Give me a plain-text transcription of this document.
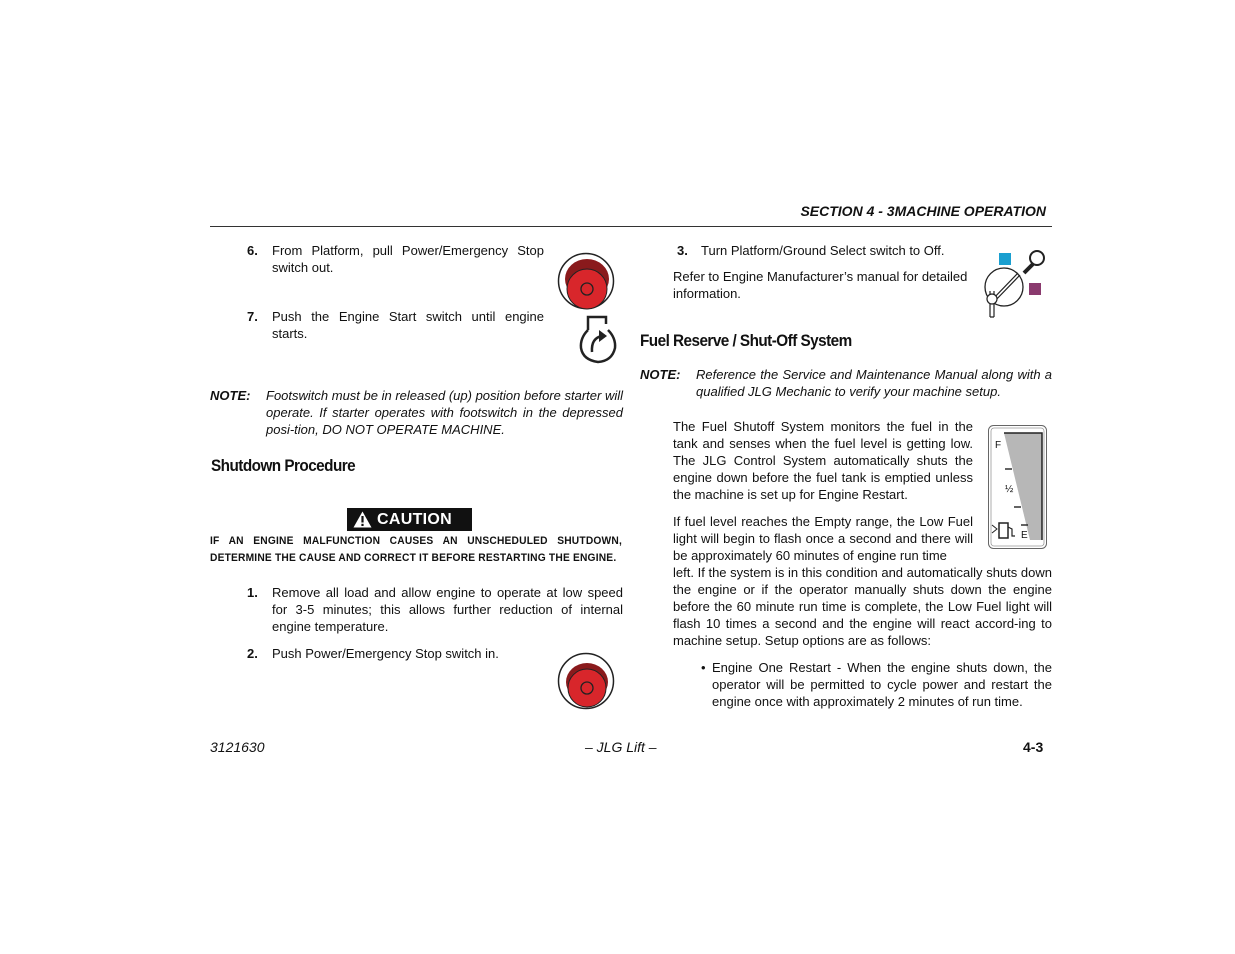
SECTION 4 - 3MACHINE OPERATION
6. From Platform, pull Power/Emergency Stop switch out.
7. Push the Engine Start switch until engine starts.
NOTE: Footswitch must be in released (up) position before starter will operate. If starter operates with footswitch in the depressed posi-tion, DO NOT OPERATE MACHINE.
Shutdown Procedure
CAUTION
IF AN ENGINE MALFUNCTION CAUSES AN UNSCHEDULED SHUTDOWN, DETERMINE THE CAUSE AND CORRECT IT BEFORE RESTARTING THE ENGINE.
1. Remove all load and allow engine to operate at low speed for 3-5 minutes; this allows further reduction of internal engine temperature.
2. Push Power/Emergency Stop switch in.
3. Turn Platform/Ground Select switch to Off.
Refer to Engine Manufacturer’s manual for detailed information.
Fuel Reserve / Shut-Off System
NOTE: Reference the Service and Maintenance Manual along with a qualified JLG Mechanic to verify your machine setup.
The Fuel Shutoff System monitors the fuel in the tank and senses when the fuel level is getting low. The JLG Control System automatically shuts the engine down before the fuel tank is emptied unless the machine is set up for Engine Restart.
If fuel level reaches the Empty range, the Low Fuel light will begin to flash once a second and there will be approximately 60 minutes of engine run time
left. If the system is in this condition and automatically shuts down the engine or if the operator manually shuts down the engine before the 60 minute run time is complete, the Low Fuel light will flash 10 times a second and the engine will react accord-ing to machine setup. Setup options are as follows:
F
½
E
• Engine One Restart - When the engine shuts down, the operator will be permitted to cycle power and restart the engine once with approximately 2 minutes of run time.
3121630	– JLG Lift –	4-3
